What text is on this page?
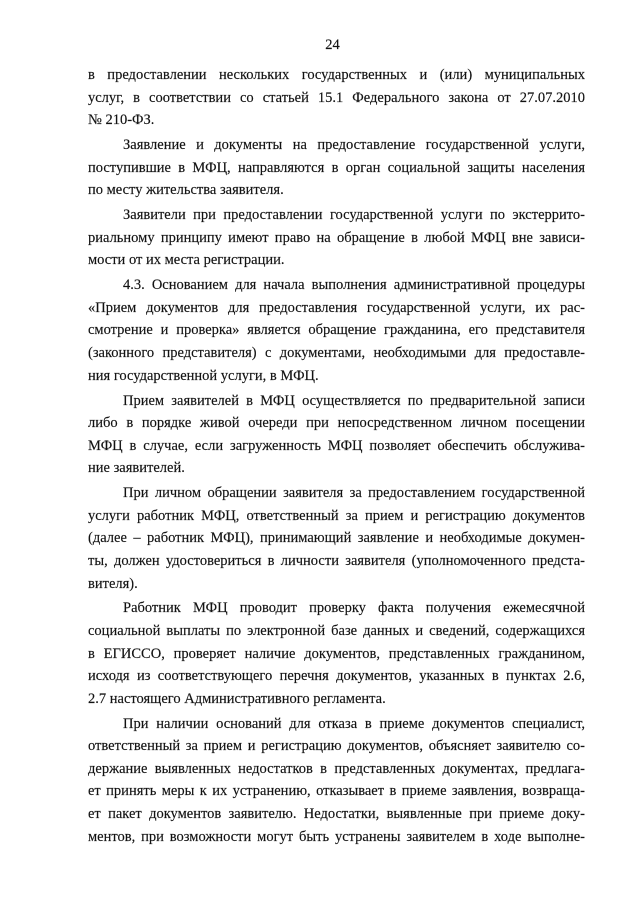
24
в предоставлении нескольких государственных и (или) муниципальных
услуг, в соответствии со статьей 15.1 Федерального закона от 27.07.2010
№ 210-ФЗ.
Заявление и документы на предоставление государственной услуги,
поступившие в МФЦ, направляются в орган социальной защиты населения
по месту жительства заявителя.
Заявители при предоставлении государственной услуги по экстеррито-
риальному принципу имеют право на обращение в любой МФЦ вне зависи-
мости от их места регистрации.
4.3. Основанием для начала выполнения административной процедуры
«Прием документов для предоставления государственной услуги, их рас-
смотрение и проверка» является обращение гражданина, его представителя
(законного представителя) с документами, необходимыми для предоставле-
ния государственной услуги, в МФЦ.
Прием заявителей в МФЦ осуществляется по предварительной записи
либо в порядке живой очереди при непосредственном личном посещении
МФЦ в случае, если загруженность МФЦ позволяет обеспечить обслужива-
ние заявителей.
При личном обращении заявителя за предоставлением государственной
услуги работник МФЦ, ответственный за прием и регистрацию документов
(далее – работник МФЦ), принимающий заявление и необходимые докумен-
ты, должен удостовериться в личности заявителя (уполномоченного предста-
вителя).
Работник МФЦ проводит проверку факта получения ежемесячной
социальной выплаты по электронной базе данных и сведений, содержащихся
в ЕГИССО, проверяет наличие документов, представленных гражданином,
исходя из соответствующего перечня документов, указанных в пунктах 2.6,
2.7 настоящего Административного регламента.
При наличии оснований для отказа в приеме документов специалист,
ответственный за прием и регистрацию документов, объясняет заявителю со-
держание выявленных недостатков в представленных документах, предлага-
ет принять меры к их устранению, отказывает в приеме заявления, возвраща-
ет пакет документов заявителю. Недостатки, выявленные при приеме доку-
ментов, при возможности могут быть устранены заявителем в ходе выполне-
